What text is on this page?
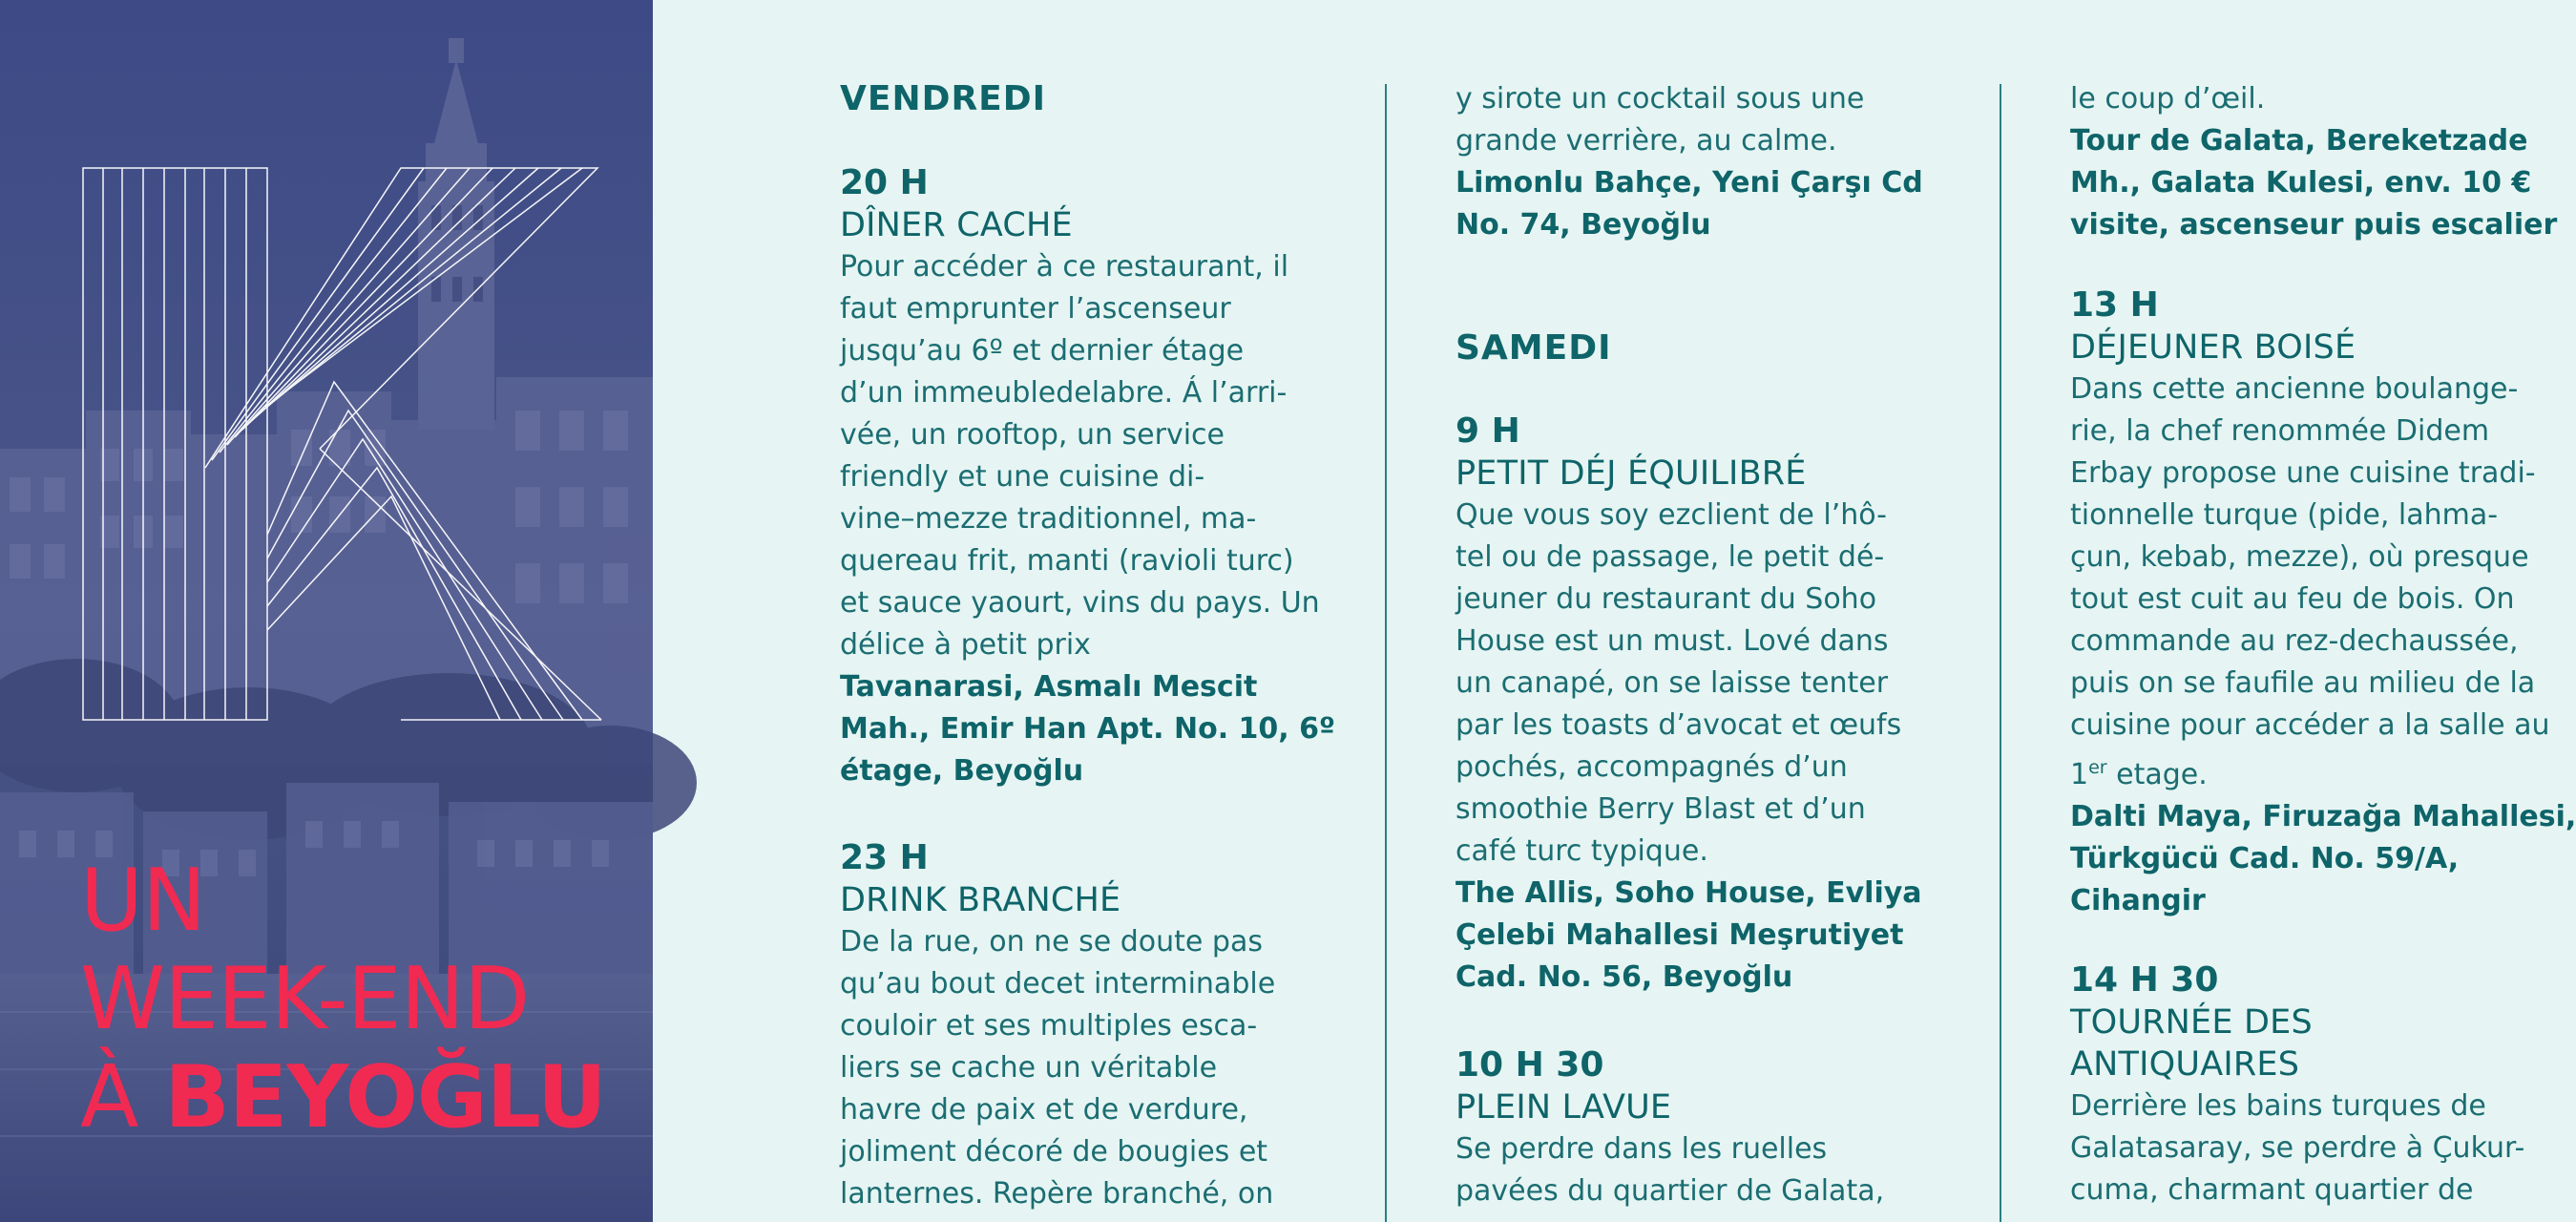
UN
WEEK-END
À BEYOĞLU
VENDREDI

20 H

DÎNER CACHÉ

Pour accéder à ce restaurant, il

faut emprunter l’ascenseur

jusqu’au 6º et dernier étage

d’un immeubledelabre. Á l’arri-

vée, un rooftop, un service

friendly et une cuisine di-

vine–mezze traditionnel, ma-

quereau frit, manti (ravioli turc)

et sauce yaourt, vins du pays. Un

délice à petit prix

Tavanarasi, Asmalı Mescit

Mah., Emir Han Apt. No. 10, 6º

étage, Beyoğlu

23 H

DRINK BRANCHÉ

De la rue, on ne se doute pas

qu’au bout decet interminable

couloir et ses multiples esca-

liers se cache un véritable

havre de paix et de verdure,

joliment décoré de bougies et

lanternes. Repère branché, on

y sirote un cocktail sous une

grande verrière, au calme.

Limonlu Bahçe, Yeni Çarşı Cd

No. 74, Beyoğlu

SAMEDI

9 H

PETIT DÉJ ÉQUILIBRÉ

Que vous soy ezclient de l’hô-

tel ou de passage, le petit dé-

jeuner du restaurant du Soho

House est un must. Lové dans

un canapé, on se laisse tenter

par les toasts d’avocat et œufs

pochés, accompagnés d’un

smoothie Berry Blast et d’un

café turc typique.

The Allis, Soho House, Evliya

Çelebi Mahallesi Meşrutiyet

Cad. No. 56, Beyoğlu

10 H 30

PLEIN LAVUE

Se perdre dans les ruelles

pavées du quartier de Galata,

le coup d’œil.

Tour de Galata, Bereketzade

Mh., Galata Kulesi, env. 10 €

visite, ascenseur puis escalier

13 H

DÉJEUNER BOISÉ

Dans cette ancienne boulange-

rie, la chef renommée Didem

Erbay propose une cuisine tradi-

tionnelle turque (pide, lahma-

çun, kebab, mezze), où presque

tout est cuit au feu de bois. On

commande au rez-dechaussée,

puis on se faufile au milieu de la

cuisine pour accéder a la salle au

1er etage.

Dalti Maya, Firuzağa Mahallesi,

Türkgücü Cad. No. 59/A,

Cihangir

14 H 30

TOURNÉE DES

ANTIQUAIRES

Derrière les bains turques de

Galatasaray, se perdre à Çukur-

cuma, charmant quartier de
